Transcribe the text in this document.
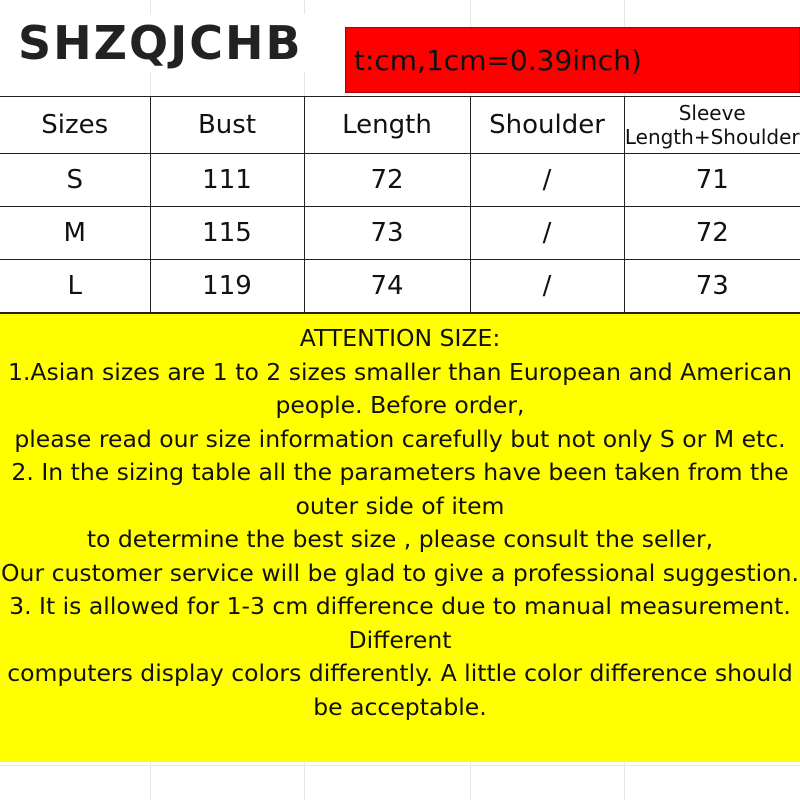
t:cm,1cm=0.39inch)
SHZQJCHB
Sizes	Bust	Length	Shoulder	Sleeve
Length+Shoulder

S	111	72	/	71
M	115	73	/	72
L	119	74	/	73
ATTENTION SIZE:
1.Asian sizes are 1 to 2 sizes smaller than European and American
people. Before order,
please read our size information carefully but not only S or M etc.
2. In the sizing table all the parameters have been taken from the
outer side of item
to determine the best size , please consult the seller,
Our customer service will be glad to give a professional suggestion.
3. It is allowed for 1-3 cm difference due to manual measurement.
Different
computers display colors differently. A little color difference should
be acceptable.
